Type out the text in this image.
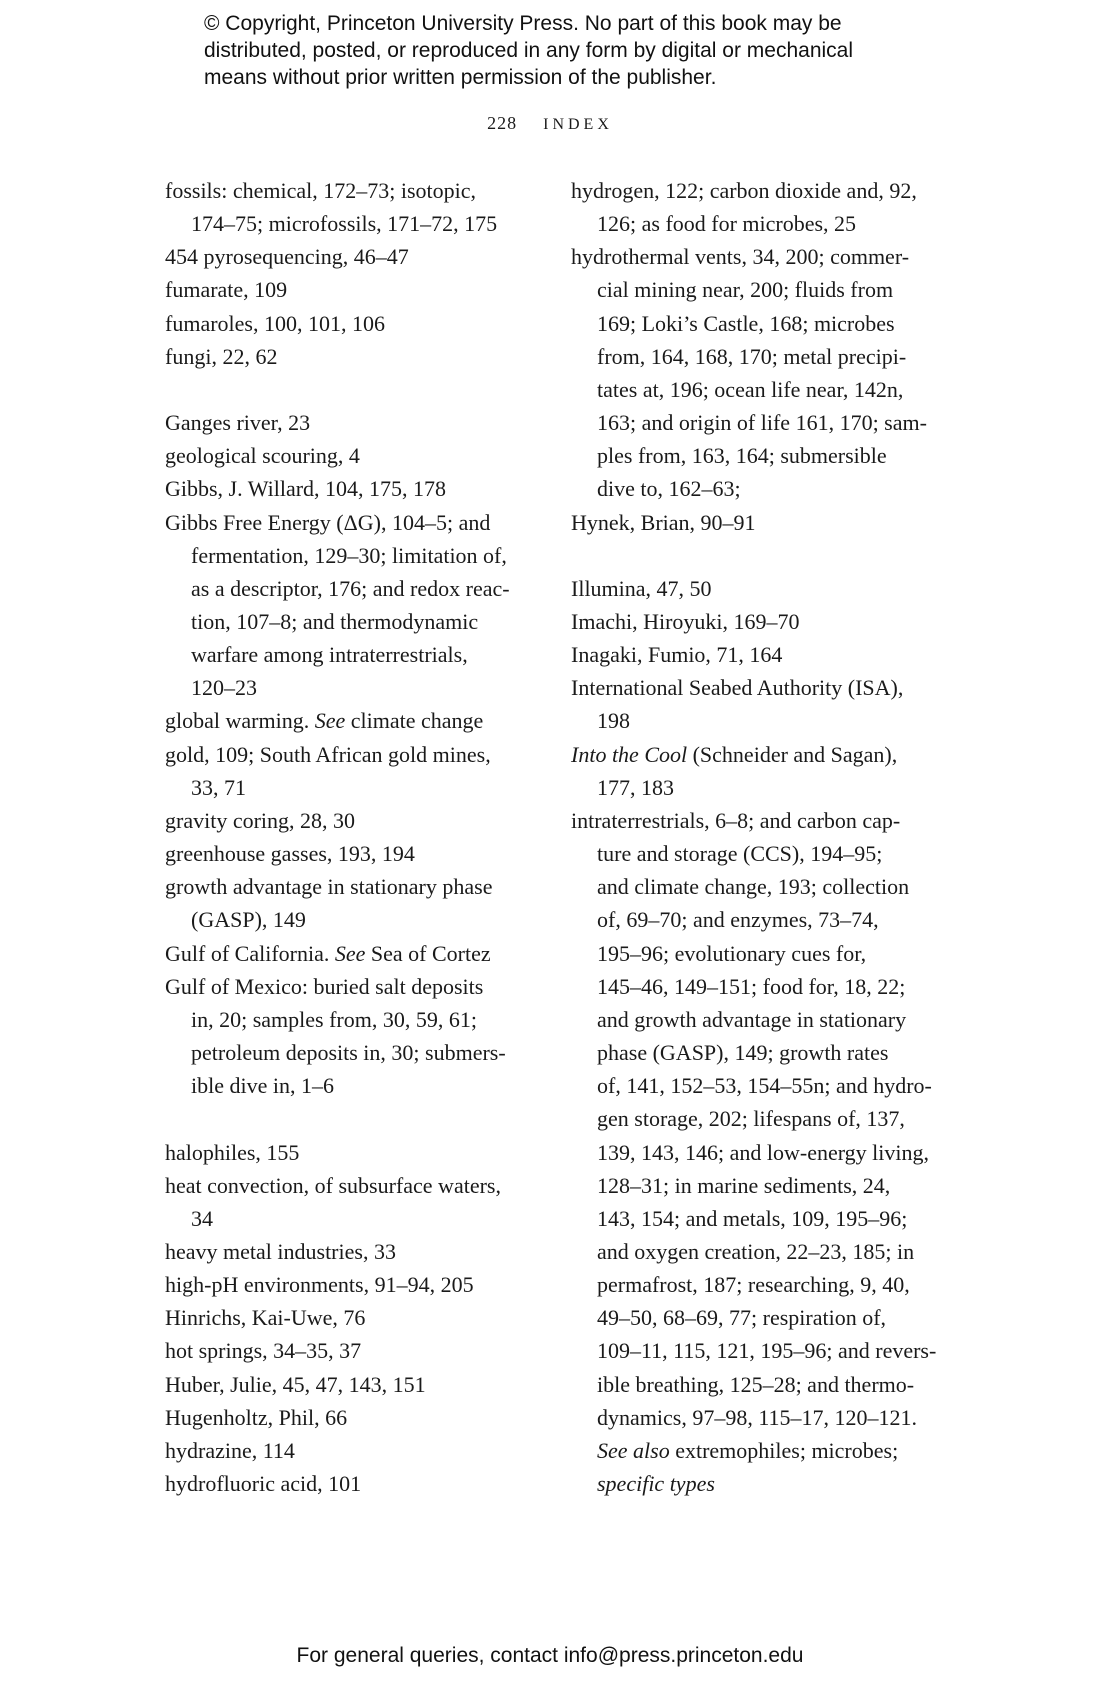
© Copyright, Princeton University Press. No part of this book may be
distributed, posted, or reproduced in any form by digital or mechanical
means without prior written permission of the publisher.
228 INDEX
fossils: chemical, 172–73; isotopic,
174–75; microfossils, 171–72, 175
454 pyrosequencing, 46–47
fumarate, 109
fumaroles, 100, 101, 106
fungi, 22, 62
Ganges river, 23
geological scouring, 4
Gibbs, J. Willard, 104, 175, 178
Gibbs Free Energy (ΔG), 104–5; and
fermentation, 129–30; limitation of,
as a descriptor, 176; and redox reac-
tion, 107–8; and thermodynamic
warfare among intraterrestrials,
120–23
global warming. See climate change
gold, 109; South African gold mines,
33, 71
gravity coring, 28, 30
greenhouse gasses, 193, 194
growth advantage in stationary phase
(GASP), 149
Gulf of California. See Sea of Cortez
Gulf of Mexico: buried salt deposits
in, 20; samples from, 30, 59, 61;
petroleum deposits in, 30; submers-
ible dive in, 1–6
halophiles, 155
heat convection, of subsurface waters,
34
heavy metal industries, 33
high-pH environments, 91–94, 205
Hinrichs, Kai-Uwe, 76
hot springs, 34–35, 37
Huber, Julie, 45, 47, 143, 151
Hugenholtz, Phil, 66
hydrazine, 114
hydrofluoric acid, 101
hydrogen, 122; carbon dioxide and, 92,
126; as food for microbes, 25
hydrothermal vents, 34, 200; commer-
cial mining near, 200; fluids from
169; Loki’s Castle, 168; microbes
from, 164, 168, 170; metal precipi-
tates at, 196; ocean life near, 142n,
163; and origin of life 161, 170; sam-
ples from, 163, 164; submersible
dive to, 162–63;
Hynek, Brian, 90–91
Illumina, 47, 50
Imachi, Hiroyuki, 169–70
Inagaki, Fumio, 71, 164
International Seabed Authority (ISA),
198
Into the Cool (Schneider and Sagan),
177, 183
intraterrestrials, 6–8; and carbon cap-
ture and storage (CCS), 194–95;
and climate change, 193; collection
of, 69–70; and enzymes, 73–74,
195–96; evolutionary cues for,
145–46, 149–151; food for, 18, 22;
and growth advantage in stationary
phase (GASP), 149; growth rates
of, 141, 152–53, 154–55n; and hydro-
gen storage, 202; lifespans of, 137,
139, 143, 146; and low-energy living,
128–31; in marine sediments, 24,
143, 154; and metals, 109, 195–96;
and oxygen creation, 22–23, 185; in
permafrost, 187; researching, 9, 40,
49–50, 68–69, 77; respiration of,
109–11, 115, 121, 195–96; and revers-
ible breathing, 125–28; and thermo-
dynamics, 97–98, 115–17, 120–121.
See also extremophiles; microbes;
specific types
For general queries, contact info@press.princeton.edu
